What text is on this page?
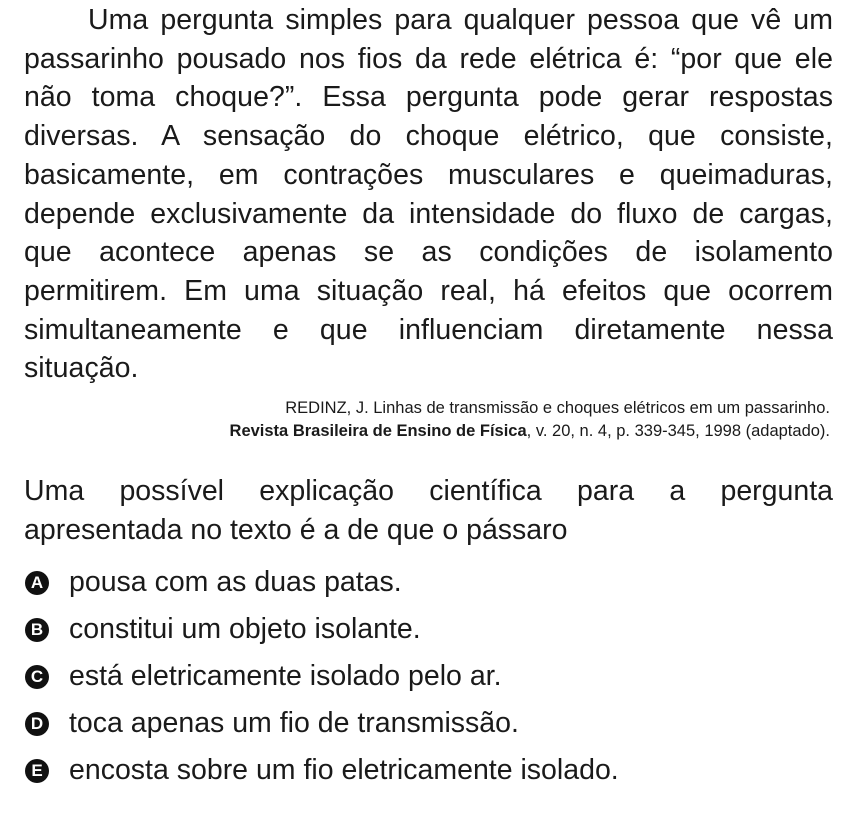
Uma pergunta simples para qualquer pessoa que vê um passarinho pousado nos fios da rede elétrica é: “por que ele não toma choque?”. Essa pergunta pode gerar respostas diversas. A sensação do choque elétrico, que consiste, basicamente, em contrações musculares e queimaduras, depende exclusivamente da intensidade do fluxo de cargas, que acontece apenas se as condições de isolamento permitirem. Em uma situação real, há efeitos que ocorrem simultaneamente e que influenciam diretamente nessa situação.

REDINZ, J. Linhas de transmissão e choques elétricos em um passarinho.
Revista Brasileira de Ensino de Física, v. 20, n. 4, p. 339-345, 1998 (adaptado).

Uma possível explicação científica para a pergunta apresentada no texto é a de que o pássaro

A pousa com as duas patas.
B constitui um objeto isolante.
C está eletricamente isolado pelo ar.
D toca apenas um fio de transmissão.
E encosta sobre um fio eletricamente isolado.
